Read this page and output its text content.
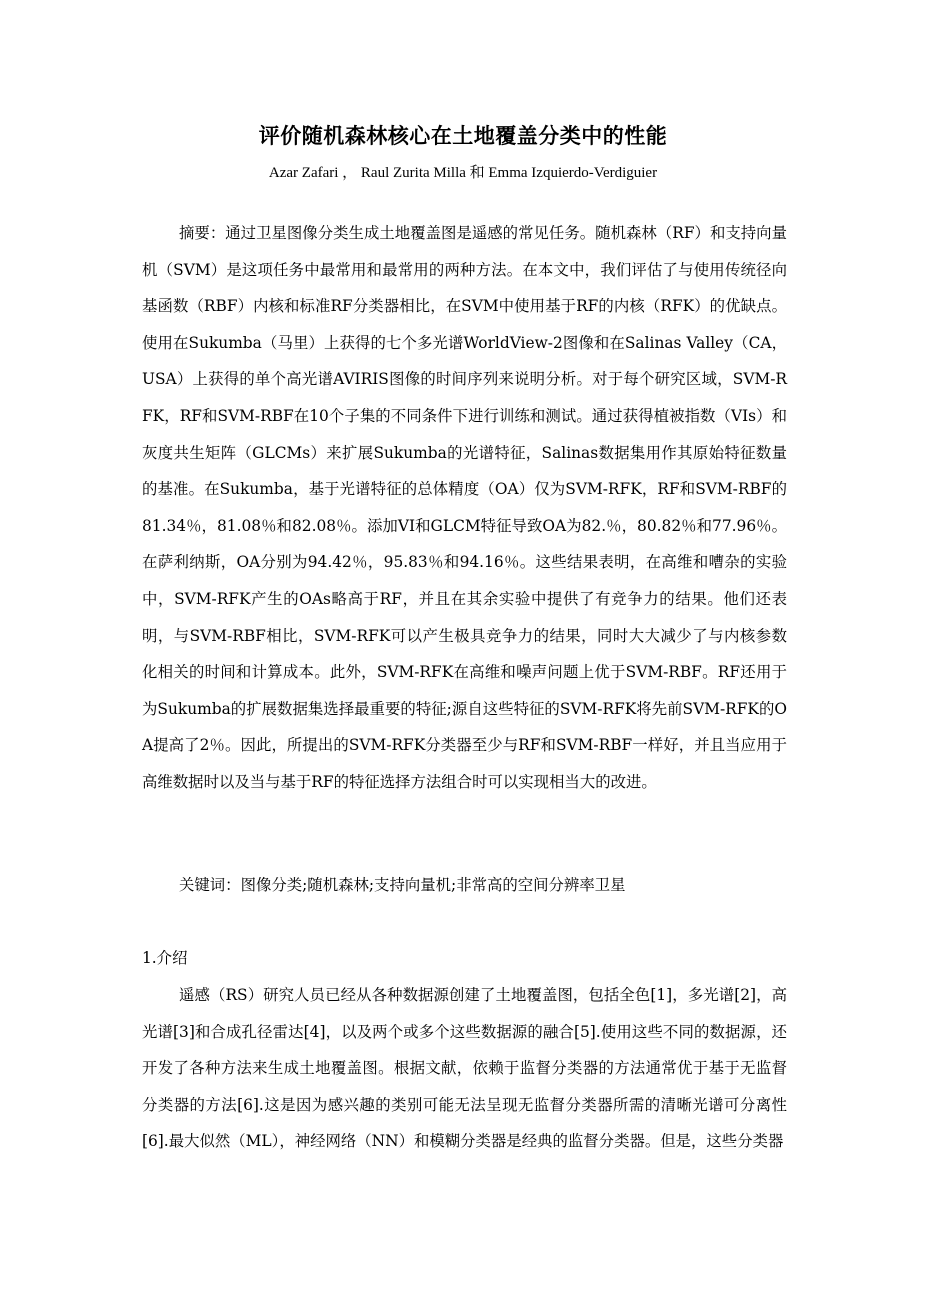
评价随机森林核心在土地覆盖分类中的性能
Azar Zafari ， Raul Zurita Milla 和 Emma Izquierdo-Verdiguier

摘要：通过卫星图像分类生成土地覆盖图是遥感的常见任务。随机森林（RF）和支持向量机（SVM）是这项任务中最常用和最常用的两种方法。在本文中，我们评估了与使用传统径向基函数（RBF）内核和标准RF分类器相比，在SVM中使用基于RF的内核（RFK）的优缺点。使用在Sukumba（马里）上获得的七个多光谱WorldView-2图像和在Salinas Valley（CA，USA）上获得的单个高光谱AVIRIS图像的时间序列来说明分析。对于每个研究区域，SVM-RFK，RF和SVM-RBF在10个子集的不同条件下进行训练和测试。通过获得植被指数（VIs）和灰度共生矩阵（GLCMs）来扩展Sukumba的光谱特征，Salinas数据集用作其原始特征数量的基准。在Sukumba，基于光谱特征的总体精度（OA）仅为SVM-RFK，RF和SVM-RBF的81.34％，81.08％和82.08％。添加VI和GLCM特征导致OA为82.％，80.82％和77.96％。在萨利纳斯，OA分别为94.42％，95.83％和94.16％。这些结果表明，在高维和嘈杂的实验中，SVM-RFK产生的OAs略高于RF，并且在其余实验中提供了有竞争力的结果。他们还表明，与SVM-RBF相比，SVM-RFK可以产生极具竞争力的结果，同时大大减少了与内核参数化相关的时间和计算成本。此外，SVM-RFK在高维和噪声问题上优于SVM-RBF。RF还用于为Sukumba的扩展数据集选择最重要的特征;源自这些特征的SVM-RFK将先前SVM-RFK的OA提高了2％。因此，所提出的SVM-RFK分类器至少与RF和SVM-RBF一样好，并且当应用于高维数据时以及当与基于RF的特征选择方法组合时可以实现相当大的改进。

关键词：图像分类;随机森林;支持向量机;非常高的空间分辨率卫星

1.介绍

遥感（RS）研究人员已经从各种数据源创建了土地覆盖图，包括全色[1]，多光谱[2]，高光谱[3]和合成孔径雷达[4]，以及两个或多个这些数据源的融合[5].使用这些不同的数据源，还开发了各种方法来生成土地覆盖图。根据文献，依赖于监督分类器的方法通常优于基于无监督分类器的方法[6].这是因为感兴趣的类别可能无法呈现无监督分类器所需的清晰光谱可分离性[6].最大似然（ML），神经网络（NN）和模糊分类器是经典的监督分类器。但是，这些分类器
